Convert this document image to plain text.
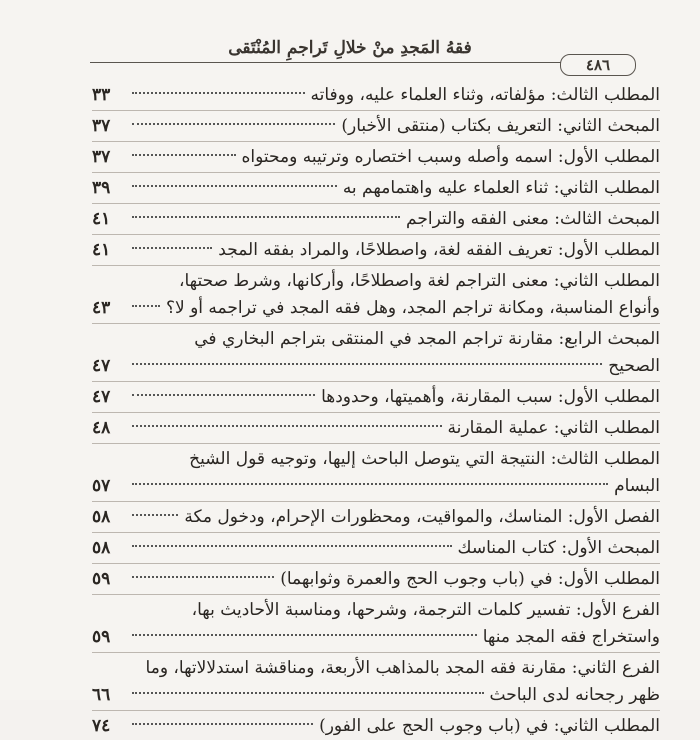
فقهُ المَجدِ منْ خلالِ تَراجمِ المُنْتَقى
٤٨٦
المطلب الثالث: مؤلفاته، وثناء العلماء عليه، ووفاته
٣٣
المبحث الثاني: التعريف بكتاب (منتقى الأخبار)
٣٧
المطلب الأول: اسمه وأصله وسبب اختصاره وترتيبه ومحتواه
٣٧
المطلب الثاني: ثناء العلماء عليه واهتمامهم به
٣٩
المبحث الثالث: معنى الفقه والتراجم
٤١
المطلب الأول: تعريف الفقه لغة، واصطلاحًا، والمراد بفقه المجد
٤١
المطلب الثاني: معنى التراجم لغة واصطلاحًا، وأركانها، وشرط صحتها،
وأنواع المناسبة، ومكانة تراجم المجد، وهل فقه المجد في تراجمه أو لا؟
٤٣
المبحث الرابع: مقارنة تراجم المجد في المنتقى بتراجم البخاري في
الصحيح
٤٧
المطلب الأول: سبب المقارنة، وأهميتها، وحدودها
٤٧
المطلب الثاني: عملية المقارنة
٤٨
المطلب الثالث: النتيجة التي يتوصل الباحث إليها، وتوجيه قول الشيخ
البسام
٥٧
الفصل الأول: المناسك، والمواقيت، ومحظورات الإحرام، ودخول مكة
٥٨
المبحث الأول: كتاب المناسك
٥٨
المطلب الأول: في (باب وجوب الحج والعمرة وثوابهما)
٥٩
الفرع الأول: تفسير كلمات الترجمة، وشرحها، ومناسبة الأحاديث بها،
واستخراج فقه المجد منها
٥٩
الفرع الثاني: مقارنة فقه المجد بالمذاهب الأربعة، ومناقشة استدلالاتها، وما
ظهر رجحانه لدى الباحث
٦٦
المطلب الثاني: في (باب وجوب الحج على الفور)
٧٤
